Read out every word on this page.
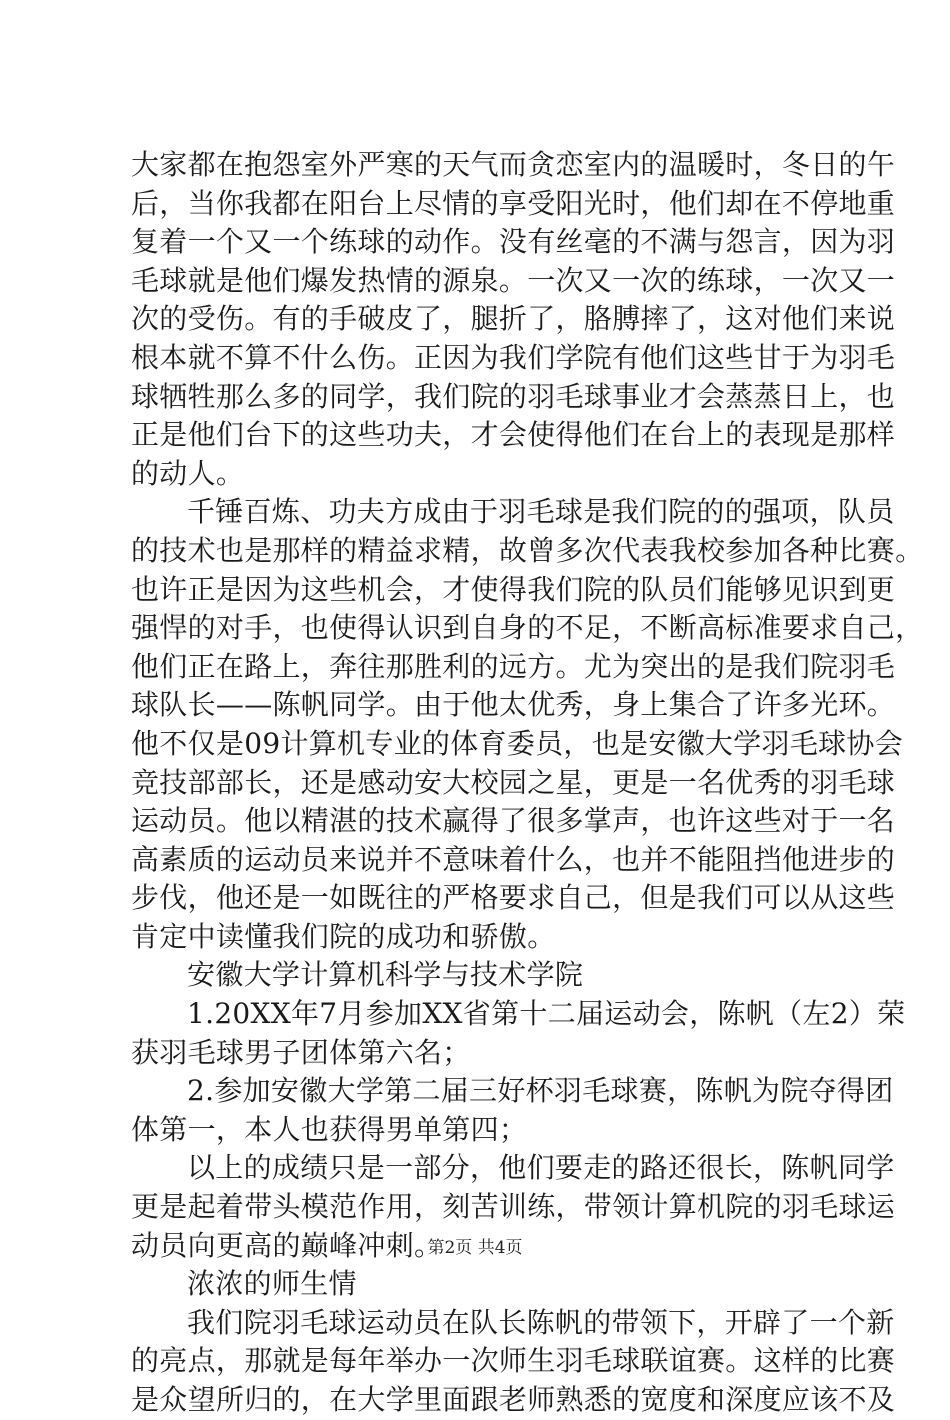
大家都在抱怨室外严寒的天气而贪恋室内的温暖时，冬日的午
后，当你我都在阳台上尽情的享受阳光时，他们却在不停地重
复着一个又一个练球的动作。没有丝毫的不满与怨言，因为羽
毛球就是他们爆发热情的源泉。一次又一次的练球，一次又一
次的受伤。有的手破皮了，腿折了，胳膊摔了，这对他们来说
根本就不算不什么伤。正因为我们学院有他们这些甘于为羽毛
球牺牲那么多的同学，我们院的羽毛球事业才会蒸蒸日上，也
正是他们台下的这些功夫，才会使得他们在台上的表现是那样
的动人。
千锤百炼、功夫方成由于羽毛球是我们院的的强项，队员
的技术也是那样的精益求精，故曾多次代表我校参加各种比赛。
也许正是因为这些机会，才使得我们院的队员们能够见识到更
强悍的对手，也使得认识到自身的不足，不断高标准要求自己，
他们正在路上，奔往那胜利的远方。尤为突出的是我们院羽毛
球队长——陈帆同学。由于他太优秀，身上集合了许多光环。
他不仅是09计算机专业的体育委员，也是安徽大学羽毛球协会
竞技部部长，还是感动安大校园之星，更是一名优秀的羽毛球
运动员。他以精湛的技术赢得了很多掌声，也许这些对于一名
高素质的运动员来说并不意味着什么，也并不能阻挡他进步的
步伐，他还是一如既往的严格要求自己，但是我们可以从这些
肯定中读懂我们院的成功和骄傲。
安徽大学计算机科学与技术学院
1.20XX年7月参加XX省第十二届运动会，陈帆（左2）荣
获羽毛球男子团体第六名；
2.参加安徽大学第二届三好杯羽毛球赛，陈帆为院夺得团
体第一，本人也获得男单第四；
以上的成绩只是一部分，他们要走的路还很长，陈帆同学
更是起着带头模范作用，刻苦训练，带领计算机院的羽毛球运
动员向更高的巅峰冲刺。
浓浓的师生情
我们院羽毛球运动员在队长陈帆的带领下，开辟了一个新
的亮点，那就是每年举办一次师生羽毛球联谊赛。这样的比赛
是众望所归的，在大学里面跟老师熟悉的宽度和深度应该不及
第2页 共4页
